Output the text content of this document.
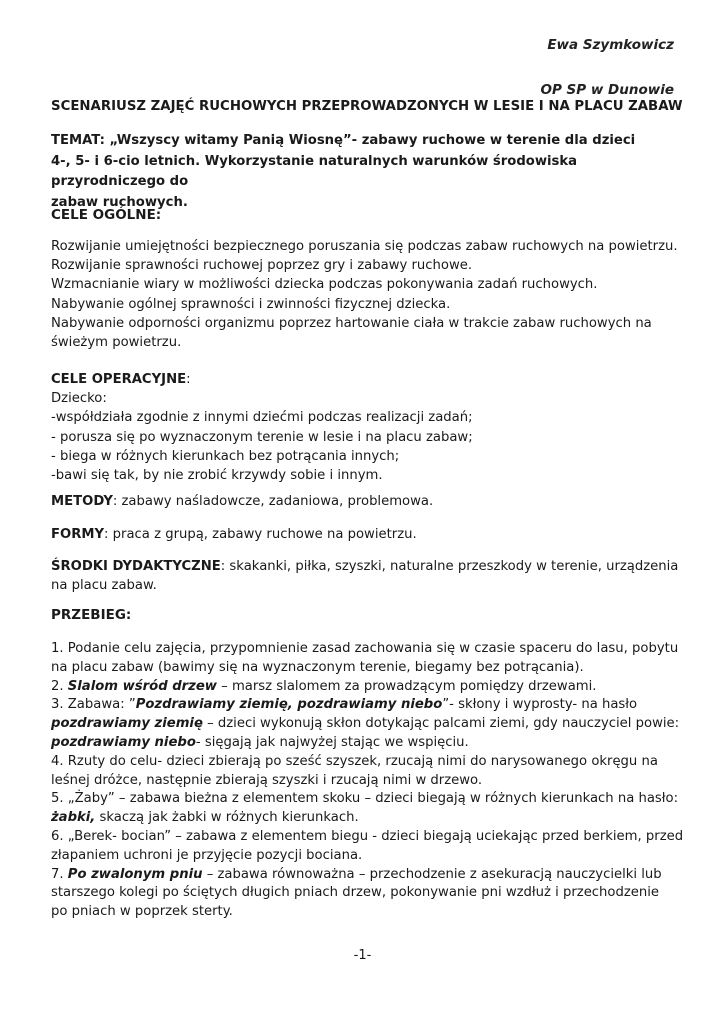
Ewa Szymkowicz

OP SP w Dunowie

SCENARIUSZ ZAJĘĆ RUCHOWYCH PRZEPROWADZONYCH W LESIE I NA PLACU ZABAW

TEMAT: „Wszyscy witamy Panią Wiosnę”- zabawy ruchowe w terenie dla dzieci
4-, 5- i 6-cio letnich. Wykorzystanie naturalnych warunków środowiska przyrodniczego do
zabaw ruchowych.

CELE OGÓLNE:

Rozwijanie umiejętności bezpiecznego poruszania się podczas zabaw ruchowych na powietrzu.
Rozwijanie sprawności ruchowej poprzez gry i zabawy ruchowe.
Wzmacnianie wiary w możliwości dziecka podczas pokonywania zadań ruchowych.
Nabywanie ogólnej sprawności i zwinności fizycznej dziecka.
Nabywanie odporności organizmu poprzez hartowanie ciała w trakcie zabaw ruchowych na
świeżym powietrzu.
CELE OPERACYJNE:
Dziecko:
-współdziała zgodnie z innymi dziećmi podczas realizacji zadań;
- porusza się po wyznaczonym terenie w lesie i na placu zabaw;
- biega w różnych kierunkach bez potrącania innych;
-bawi się tak, by nie zrobić krzywdy sobie i innym.
METODY: zabawy naśladowcze, zadaniowa, problemowa.
FORMY: praca z grupą, zabawy ruchowe na powietrzu.
ŚRODKI DYDAKTYCZNE: skakanki, piłka, szyszki, naturalne przeszkody w terenie, urządzenia
na placu zabaw.

PRZEBIEG:

1. Podanie celu zajęcia, przypomnienie zasad zachowania się w czasie spaceru do lasu, pobytu
na placu zabaw (bawimy się na wyznaczonym terenie, biegamy bez potrącania).
2. Slalom wśród drzew – marsz slalomem za prowadzącym pomiędzy drzewami.
3. Zabawa: ”Pozdrawiamy ziemię, pozdrawiamy niebo”- skłony i wyprosty- na hasło
pozdrawiamy ziemię – dzieci wykonują skłon dotykając palcami ziemi, gdy nauczyciel powie:
pozdrawiamy niebo- sięgają jak najwyżej stając we wspięciu.
4. Rzuty do celu- dzieci zbierają po sześć szyszek, rzucają nimi do narysowanego okręgu na
leśnej dróżce, następnie zbierają szyszki i rzucają nimi w drzewo.
5. „Żaby” – zabawa bieżna z elementem skoku – dzieci biegają w różnych kierunkach na hasło:
żabki, skaczą jak żabki w różnych kierunkach.
6. „Berek- bocian” – zabawa z elementem biegu - dzieci biegają uciekając przed berkiem, przed
złapaniem uchroni je przyjęcie pozycji bociana.
7. Po zwalonym pniu – zabawa równoważna – przechodzenie z asekuracją nauczycielki lub
starszego kolegi po ściętych długich pniach drzew, pokonywanie pni wzdłuż i przechodzenie
po pniach w poprzek sterty.

-1-
